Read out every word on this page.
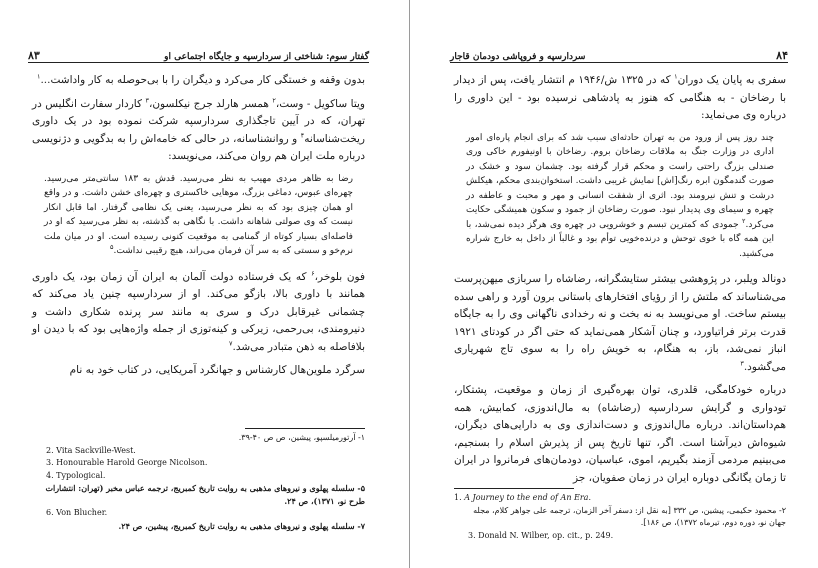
گفتار سوم: شناختی از سردارسپه و جایگاه اجتماعی او
۸۳

بدون وقفه و خستگی کار می‌کرد و دیگران را با بی‌حوصله به کار واداشت...$^۱$

ویتا ساکویل - وست،$^۲$ همسر هارلد جرج نیکلسون،$^۳$ کاردار سفارت انگلیس در تهران، که در آیین تاجگذاری سردارسپه شرکت نموده بود در یک داوری ریخت‌شناسانه$^۴$ و روانشناسانه، در حالی که خامه‌اش را به بدگویی و دژنویسی درباره ملت ایران هم روان می‌کند، می‌نویسد:

رضا به ظاهر مردی مهیب به نظر می‌رسید. قدش به ۱۸۳ سانتی‌متر می‌رسید. چهره‌ای عبوس، دماغی بزرگ، موهایی خاکستری و چهره‌ای خشن داشت. و در واقع او همان چیزی بود که به نظر می‌رسید، یعنی یک نظامی گرفتار. اما قابل انکار نیست که وی صولتی شاهانه داشت. با نگاهی به گذشته، به نظر می‌رسید که او در فاصله‌ای بسیار کوتاه از گمنامی به موقعیت کنونی رسیده است. او در میان ملت نرم‌خو و سستی که به سر آن فرمان می‌راند، هیچ رقیبی نداشت.$^۵$

فون بلوخر،$^۶$ که یک فرستاده دولت آلمان به ایران آن زمان بود، یک داوری همانند با داوری بالا، بازگو می‌کند. او از سردارسپه چنین یاد می‌کند که چشمانی غیرقابل درک و سری به مانند سر پرنده شکاری داشت و دنیرومندی، بی‌رحمی، زیرکی و کینه‌توزی از جمله واژه‌هایی بود که با دیدن او بلافاصله به ذهن متبادر می‌شد.$^۷$

سرگرد ملوین‌هال کارشناس و جهانگرد آمریکایی، در کتاب خود به نام

۱- آرتورمیلسپو، پیشین، ص ص ۴۰-۳۹.
2. Vita Sackville-West.
3. Honourable Harold George Nicolson.
4. Typological.
۵- سلسله پهلوی و نیروهای مذهبی به روایت تاریخ کمبریج، ترجمه عباس مخبر (تهران: انتشارات طرح نو، ۱۳۷۱)، ص ۲۴.
6. Von Blucher.
۷- سلسله پهلوی و نیروهای مذهبی به روایت تاریخ کمبریج، پیشین، ص ۲۴.
۸۴
سردارسپه و فروپاشی دودمان قاجار

سفری به پایان یک دوران$^۱$ که در ۱۳۲۵ ش/۱۹۴۶ م انتشار یافت، پس از دیدار با رضاخان - به هنگامی که هنوز به پادشاهی نرسیده بود - این داوری را درباره وی می‌نماید:

چند روز پس از ورود من به تهران حادثه‌ای سبب شد که برای انجام پاره‌ای امور اداری در وزارت جنگ به ملاقات رضاخان بروم. رضاخان با اونیفورم خاکی وری صندلی بزرگ راحتی راست و محکم قرار گرفته بود. چشمان سود و خشک در صورت گندمگون ابره رنگ[اش] نمایش غریبی داشت. استخوان‌بندی محکم، هیکلش درشت و تنش نیرومند بود. اثری از شفقت انسانی و مهر و محبت و عاطفه در چهره و سیمای وی پدیدار نبود. صورت رضاخان از جمود و سکون همیشگی حکایت می‌کرد.$^۲$ جمودی که کمترین تبسم و خوشرویی در چهره وی هرگز دیده نمی‌شد، با این همه گاه با خوی توحش و درنده‌خویی توأم بود و غالباً از داخل به خارج شراره می‌کشید.

دونالد ویلبر، در پژوهشی بیشتر ستایشگرانه، رضاشاه را سربازی میهن‌پرست می‌شناساند که ملتش را از رؤیای افتخارهای باستانی برون آورد و راهی سده بیستم ساخت. او می‌نویسد به نه بخت و نه رخدادی ناگهانی وی را به جایگاه قدرت برتر فراتیاورد، و چنان آشکار همی‌نماید که حتی اگر در کودتای ۱۹۲۱ انباز نمی‌شد، باز، به هنگام، به خویش راه را به سوی تاج شهریاری می‌گشود.$^۳$

درباره خودکامگی، قلدری، توان بهره‌گیری از زمان و موقعیت، پشتکار، تودواری و گرایش سردارسپه (رضاشاه) به مال‌اندوزی، کمابیش، همه هم‌داستان‌اند. درباره مال‌اندوزی و دست‌اندازی وی به دارایی‌های دیگران، شیوه‌اش دیرآشنا است. اگر، تنها تاریخ پس از پذیرش اسلام را بسنجیم، می‌بینیم مردمی آزمند بگیریم، اموی، عباسیان، دودمان‌های فرمانروا در ایران تا زمان یگانگی دوباره ایران در زمان صفویان، جز

1. A Journey to the end of An Era.
۲- محمود حکیمی، پیشین، ص ۳۳۲ [به نقل از: دسفر آخر الزمان، ترجمه علی جواهر کلام، مجله جهان نو، دوره دوم، تیرماه ۱۳۷۲)، ص ۱۸۶].
3. Donald N. Wilber, op. cit., p. 249.
